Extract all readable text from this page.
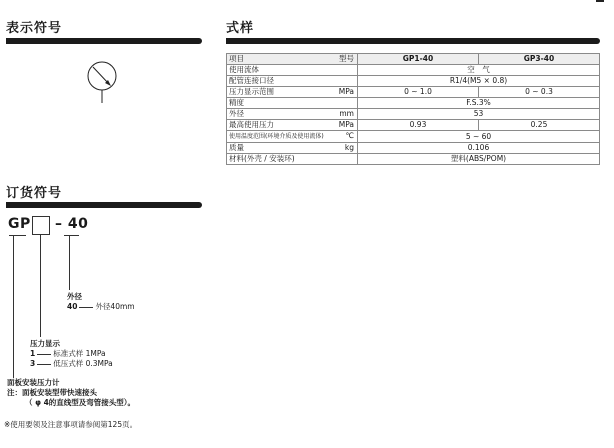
表示符号	式样
项目 型号	GP1-40	GP3-40
使用流体	空　气	
配管连接口径	R1/4(M5 × 0.8)	
压力显示范围 MPa	0 ~ 1.0	0 ~ 0.3
精度	F.S.3%	
外径 mm	53	
最高使用压力 MPa	0.93	0.25
使用温度范围(环境介质及使用流体) ℃	5 ~ 60	
质量 kg	0.106	
材料(外壳 / 安装环)	塑料(ABS/POM)	
订货符号
GP – 40
外径
40 外径40mm
压力显示
1 标准式样 1MPa
3 低压式样 0.3MPa
面板安装压力计
注：面板安装型带快速接头
（ φ 4的直线型及弯管接头型）。
※使用要领及注意事项请参阅第125页。
